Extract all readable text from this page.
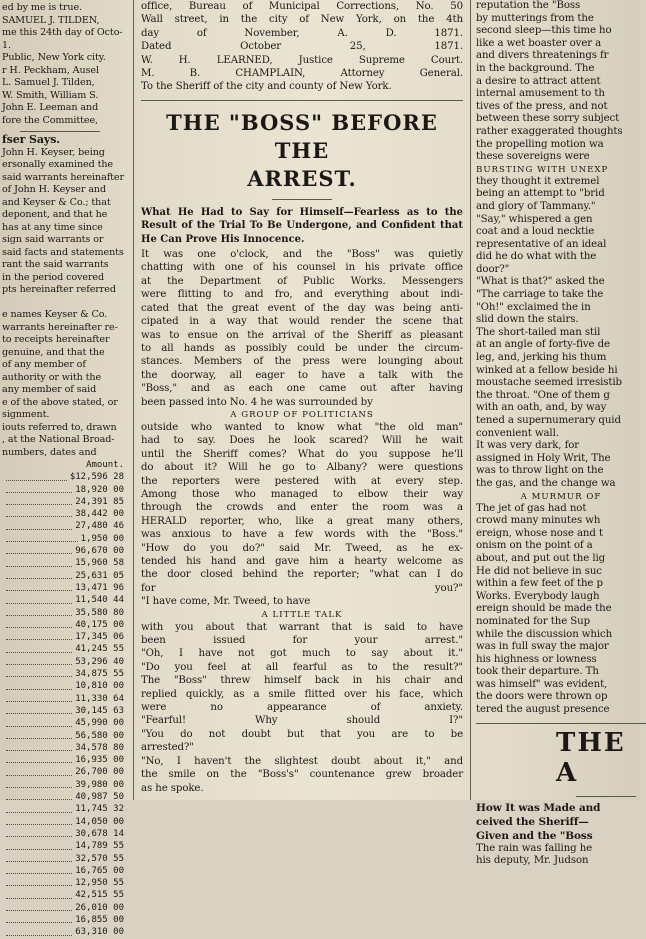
ed by me is true.
SAMUEL J. TILDEN,
me this 24th day of Octo-
1.
Public, New York city.
r H. Peckham, Ausel
L. Samuel J. Tilden,
W. Smith, William S.
John E. Leeman and
fore the Committee,
fser Says.
John H. Keyser, being
ersonally examined the
said warrants hereinafter
of John H. Keyser and
and Keyser & Co.; that
deponent, and that he
has at any time since
sign said warrants or
said facts and statements
rant the said warrants
in the period covered
pts hereinafter referred

e names Keyser & Co.
warrants hereinafter re-
to receipts hereinafter
genuine, and that the
of any member of
authority or with the
any member of said
e of the above stated, or
signment.
iouts referred to, drawn
, at the National Broad-
numbers, dates and
Amount.
$12,596 28
18,920 00
24,391 85
38,442 00
27,480 46
1,950 00
96,670 00
15,960 58
25,631 05
13,471 96
11,540 44
35,580 80
40,175 00
17,345 06
41,245 55
53,296 40
34,875 55
10,810 00
11,330 64
30,145 63
45,990 00
56,580 00
34,578 80
16,935 00
26,700 00
39,980 00
40,987 50
11,745 32
14,050 00
30,678 14
14,789 55
32,570 55
16,765 00
12,950 55
42,515 55
26,010 00
16,855 00
63,310 00
office, Bureau of Municipal Corrections, No. 50
Wall street, in the city of New York, on the 4th
day of November, A. D. 1871.
Dated October 25, 1871.
W. H. LEARNED, Justice Supreme Court.
M. B. CHAMPLAIN, Attorney General.
To the Sheriff of the city and county of New York.
THE "BOSS" BEFORE THE
ARREST.
What He Had to Say for Himself—Fearless as to the Result of the Trial To Be Undergone, and Confident that He Can Prove His Innocence.
It was one o'clock, and the "Boss" was quietly
chatting with one of his counsel in his private office
at the Department of Public Works. Messengers
were flitting to and fro, and everything about indi-
cated that the great event of the day was being anti-
cipated in a way that would render the scene that
was to ensue on the arrival of the Sheriff as pleasant
to all hands as possibly could be under the circum-
stances. Members of the press were lounging about
the doorway, all eager to have a talk with the
"Boss," and as each one came out after having
been passed into No. 4 he was surrounded by
A GROUP OF POLITICIANS
outside who wanted to know what "the old man"
had to say. Does he look scared? Will he wait
until the Sheriff comes? What do you suppose he'll
do about it? Will he go to Albany? were questions
the reporters were pestered with at every step.
Among those who managed to elbow their way
through the crowds and enter the room was a
HERALD reporter, who, like a great many others,
was anxious to have a few words with the "Boss."
"How do you do?" said Mr. Tweed, as he ex-
tended his hand and gave him a hearty welcome as
the door closed behind the reporter; "what can I do
for you?"
"I have come, Mr. Tweed, to have
A LITTLE TALK
with you about that warrant that is said to have
been issued for your arrest."
"Oh, I have not got much to say about it."
"Do you feel at all fearful as to the result?"
The "Boss" threw himself back in his chair and
replied quickly, as a smile flitted over his face, which
were no appearance of anxiety.
"Fearful! Why should I?"
"You do not doubt but that you are to be
arrested?"
"No, I haven't the slightest doubt about it," and
the smile on the "Boss's" countenance grew broader
as he spoke.
reputation the "Boss
by mutterings from the
second sleep—this time ho
like a wet boaster over a
and divers threatenings fr
in the background. The
a desire to attract attent
internal amusement to th
tives of the press, and not
between these sorry subject
rather exaggerated thoughts
the propelling motion wa
these sovereigns were
BURSTING WITH UNEXP
they thought it extremel
being an attempt to "brid
and glory of Tammany."
"Say," whispered a gen
coat and a loud necktie
representative of an ideal
did he do what with the
door?"
"What is that?" asked the
"The carriage to take the
"Oh!" exclaimed the in
slid down the stairs.
The short-tailed man stil
at an angle of forty-five de
leg, and, jerking his thum
winked at a fellow beside hi
moustache seemed irresistib
the throat. "One of them g
with an oath, and, by way
tened a supernumerary quid
convenient wall.
It was very dark, for
assigned in Holy Writ, The
was to throw light on the
the gas, and the change wa
A MURMUR OF
The jet of gas had not
crowd many minutes wh
ereign, whose nose and t
onism on the point of a
about, and put out the lig
He did not believe in suc
within a few feet of the p
Works. Everybody laugh
ereign should be made the
nominated for the Sup
while the discussion which
was in full sway the major
his highness or lowness
took their departure. Th
was himself" was evident,
the doors were thrown op
tered the august presence
THE A
How It was Made and
ceived the Sheriff—
Given and the "Boss
The rain was falling he
his deputy, Mr. Judson
